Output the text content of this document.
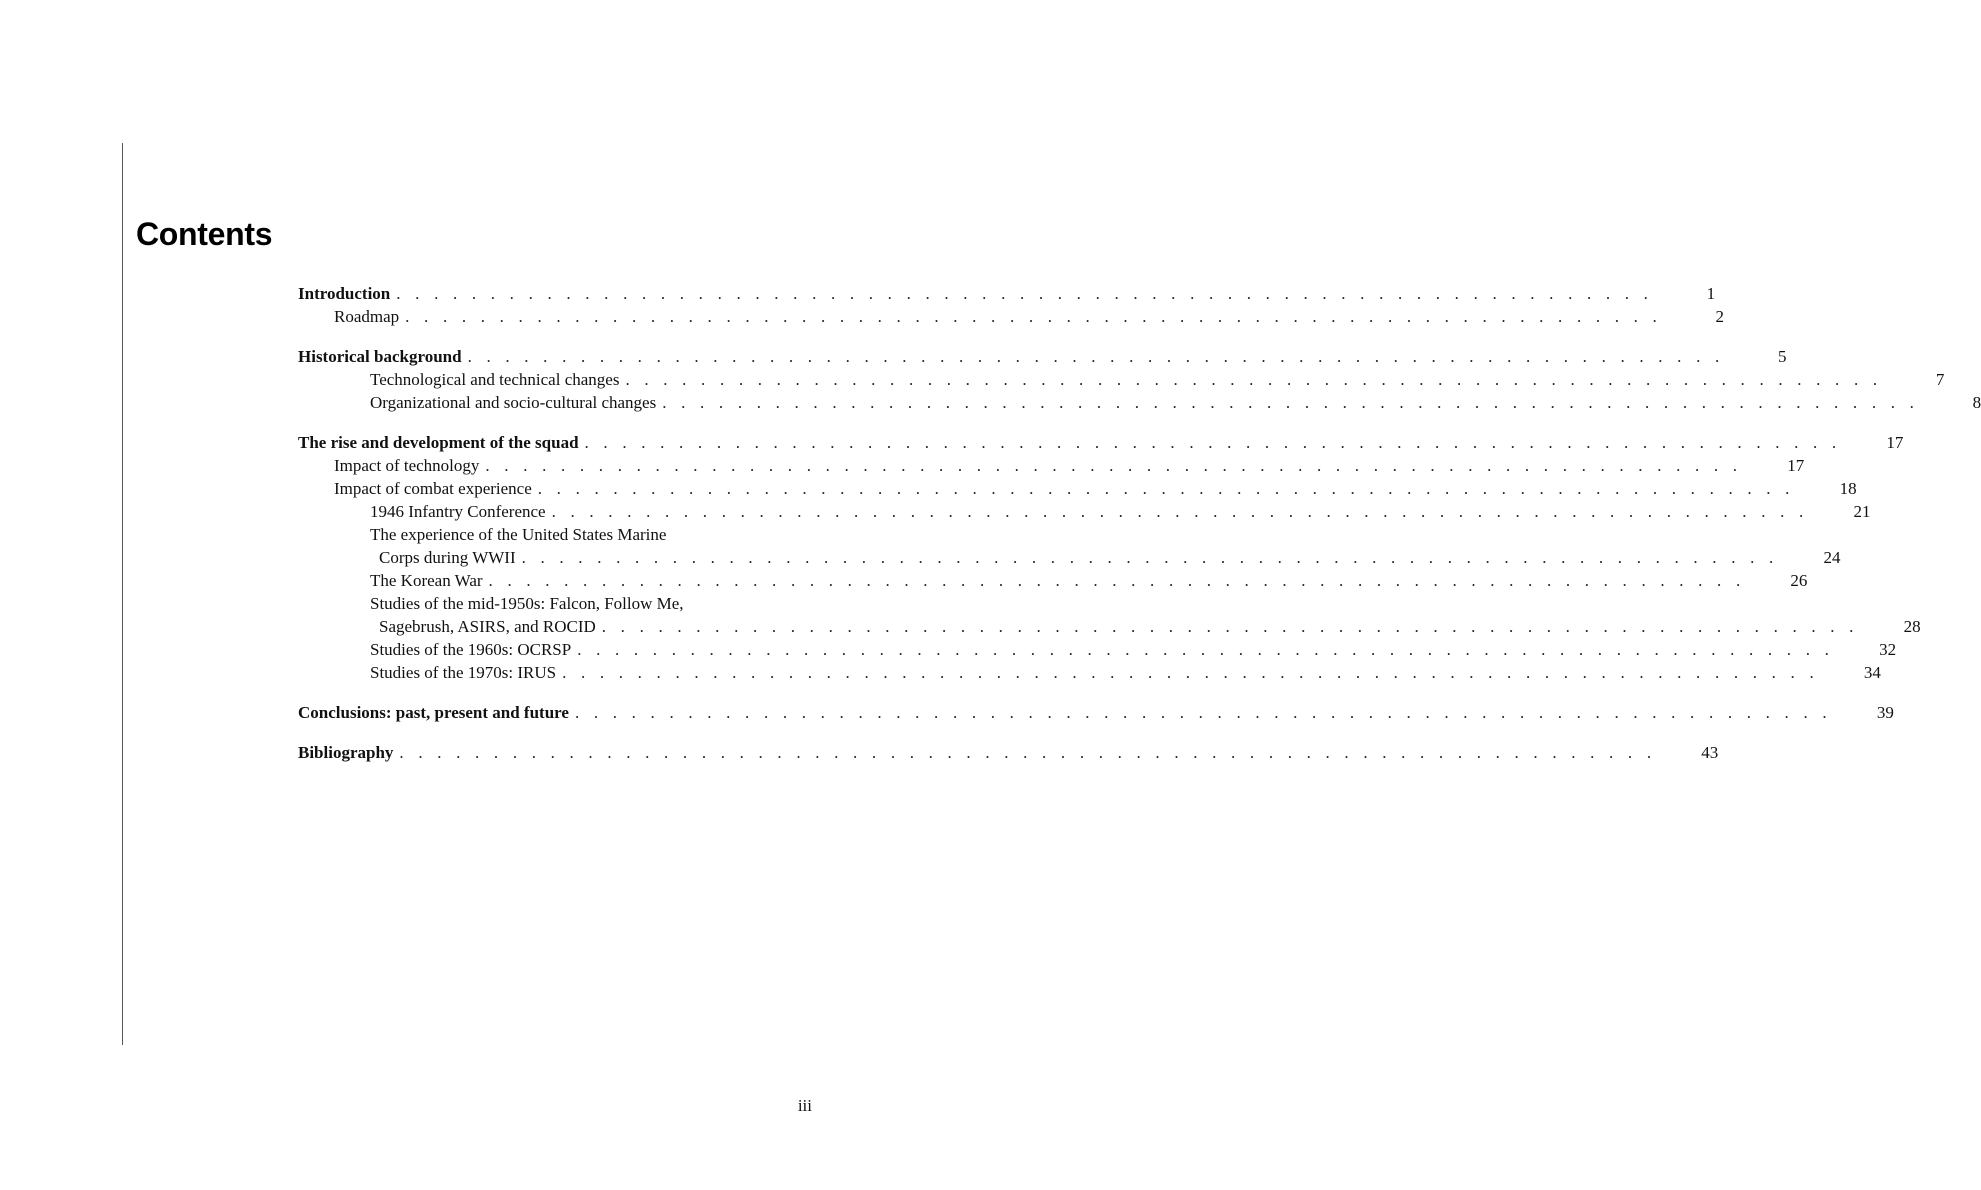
Contents
Introduction . . . . . . . . . . . . . . . . . . . . . . . . . . . . . . . . . . . . . . . . . . . . . . . . . . . . . . . . . . . . . . . . . . .	1
Roadmap . . . . . . . . . . . . . . . . . . . . . . . . . . . . . . . . . . . . . . . . . . . . . . . . . . . . . . . . . . . . . . . . . . .	2
Historical background . . . . . . . . . . . . . . . . . . . . . . . . . . . . . . . . . . . . . . . . . . . . . . . . . . . . . . . . . . . . . . . . . . .	5
Technological and technical changes . . . . . . . . . . . . . . . . . . . . . . . . . . . . . . . . . . . . . . . . . . . . . . . . . . . . . . . . . . . . . . . . . . .	7
Organizational and socio-cultural changes . . . . . . . . . . . . . . . . . . . . . . . . . . . . . . . . . . . . . . . . . . . . . . . . . . . . . . . . . . . . . . . . . . .	8
The rise and development of the squad . . . . . . . . . . . . . . . . . . . . . . . . . . . . . . . . . . . . . . . . . . . . . . . . . . . . . . . . . . . . . . . . . . .	17
Impact of technology . . . . . . . . . . . . . . . . . . . . . . . . . . . . . . . . . . . . . . . . . . . . . . . . . . . . . . . . . . . . . . . . . . .	17
Impact of combat experience . . . . . . . . . . . . . . . . . . . . . . . . . . . . . . . . . . . . . . . . . . . . . . . . . . . . . . . . . . . . . . . . . . .	18
1946 Infantry Conference . . . . . . . . . . . . . . . . . . . . . . . . . . . . . . . . . . . . . . . . . . . . . . . . . . . . . . . . . . . . . . . . . . .	21
The experience of the United States Marine
Corps during WWII . . . . . . . . . . . . . . . . . . . . . . . . . . . . . . . . . . . . . . . . . . . . . . . . . . . . . . . . . . . . . . . . . . .	24
The Korean War . . . . . . . . . . . . . . . . . . . . . . . . . . . . . . . . . . . . . . . . . . . . . . . . . . . . . . . . . . . . . . . . . . .	26
Studies of the mid-1950s: Falcon, Follow Me,
Sagebrush, ASIRS, and ROCID . . . . . . . . . . . . . . . . . . . . . . . . . . . . . . . . . . . . . . . . . . . . . . . . . . . . . . . . . . . . . . . . . . .	28
Studies of the 1960s: OCRSP . . . . . . . . . . . . . . . . . . . . . . . . . . . . . . . . . . . . . . . . . . . . . . . . . . . . . . . . . . . . . . . . . . .	32
Studies of the 1970s: IRUS . . . . . . . . . . . . . . . . . . . . . . . . . . . . . . . . . . . . . . . . . . . . . . . . . . . . . . . . . . . . . . . . . . .	34
Conclusions: past, present and future . . . . . . . . . . . . . . . . . . . . . . . . . . . . . . . . . . . . . . . . . . . . . . . . . . . . . . . . . . . . . . . . . . .	39
Bibliography . . . . . . . . . . . . . . . . . . . . . . . . . . . . . . . . . . . . . . . . . . . . . . . . . . . . . . . . . . . . . . . . . . .	43
iii
